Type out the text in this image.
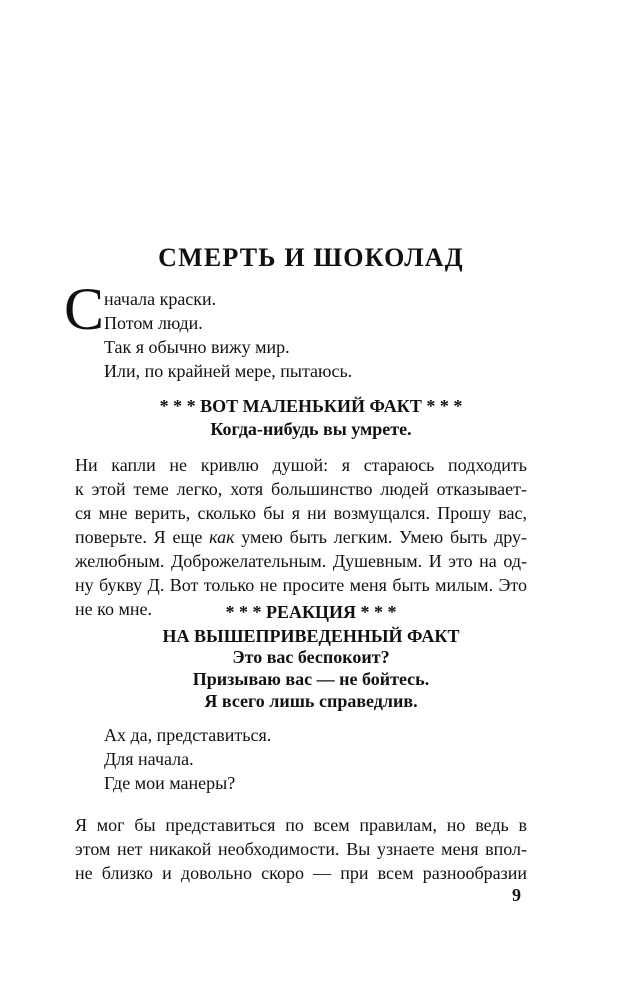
СМЕРТЬ И ШОКОЛАД
С начала краски.
Потом люди.
Так я обычно вижу мир.
Или, по крайней мере, пытаюсь.
* * * ВОТ МАЛЕНЬКИЙ ФАКТ * * *
Когда-нибудь вы умрете.
Ни капли не кривлю душой: я стараюсь подходить
к этой теме легко, хотя большинство людей отказывает-
ся мне верить, сколько бы я ни возмущался. Прошу вас,
поверьте. Я еще как умею быть легким. Умею быть дру-
желюбным. Доброжелательным. Душевным. И это на од-
ну букву Д. Вот только не просите меня быть милым. Это
не ко мне.	* * * РЕАКЦИЯ * * *
НА ВЫШЕПРИВЕДЕННЫЙ ФАКТ
Это вас беспокоит?
Призываю вас — не бойтесь.
Я всего лишь справедлив.
Ах да, представиться.
Для начала.
Где мои манеры?
Я мог бы представиться по всем правилам, но ведь в
этом нет никакой необходимости. Вы узнаете меня впол-
не близко и довольно скоро — при всем разнообразии
9
